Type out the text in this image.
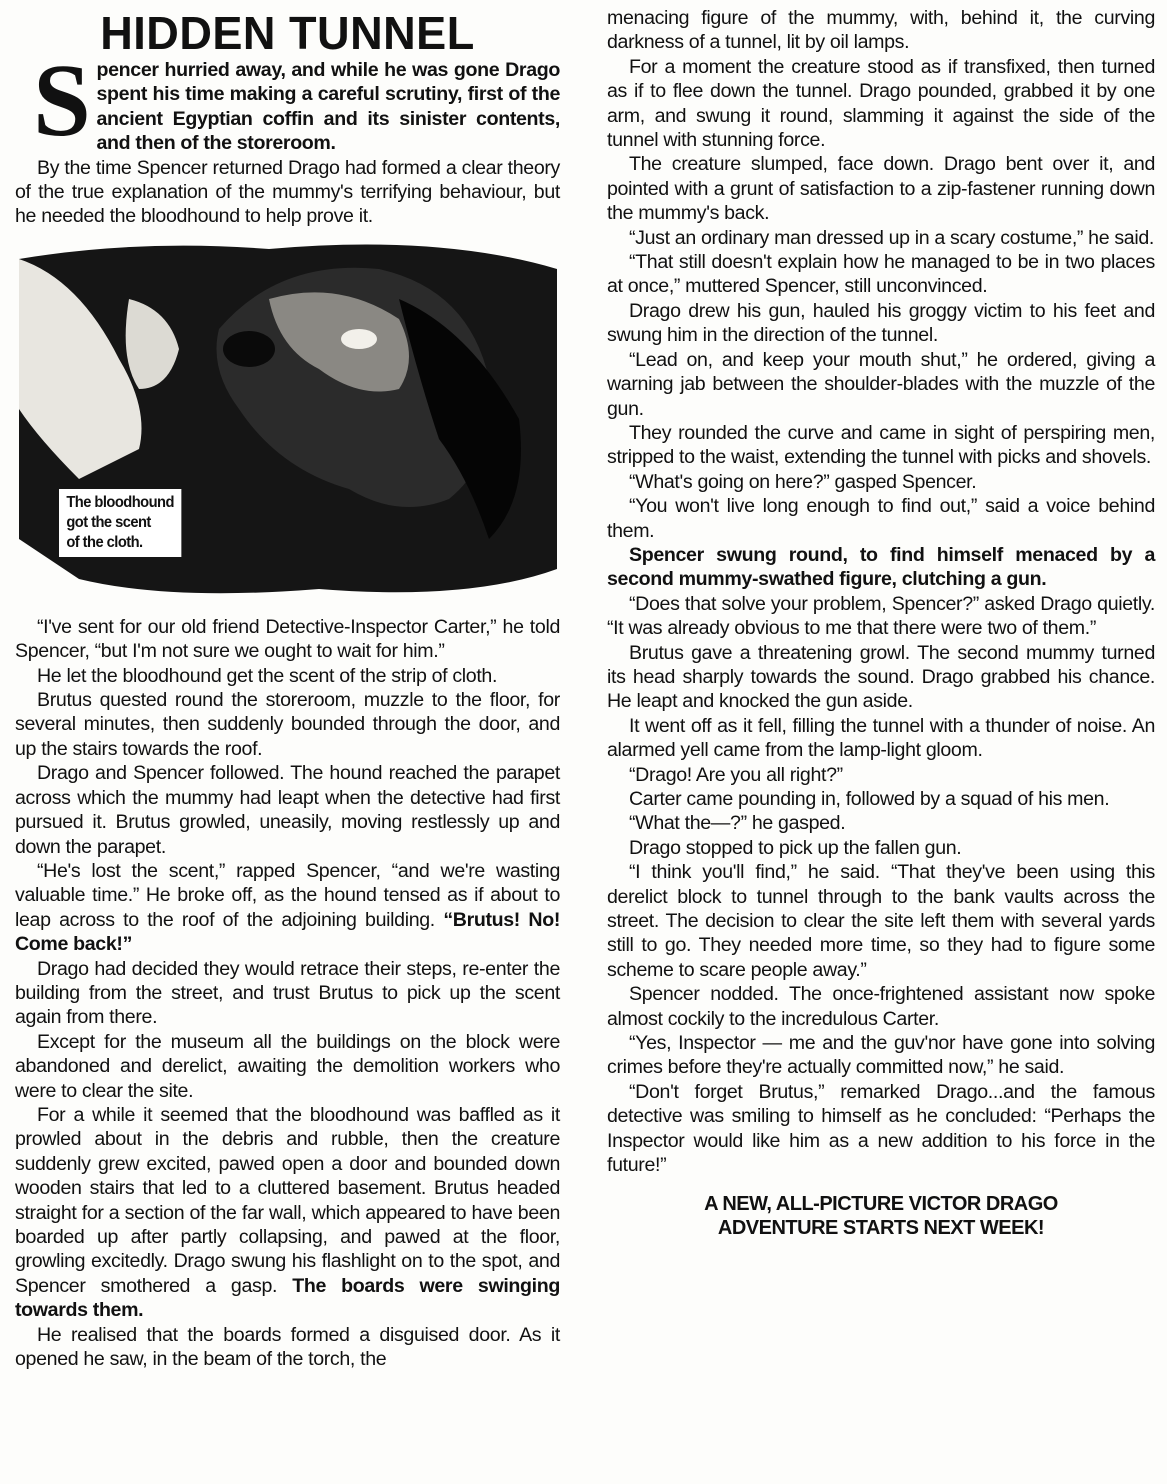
HIDDEN TUNNEL

Spencer hurried away, and while he was gone Drago spent his time making a careful scrutiny, first of the ancient Egyptian coffin and its sinister contents, and then of the storeroom.

By the time Spencer returned Drago had formed a clear theory of the true explanation of the mummy's terrifying behaviour, but he needed the bloodhound to help prove it.

The bloodhound
got the scent
of the cloth.

“I've sent for our old friend Detective-Inspector Carter,” he told Spencer, “but I'm not sure we ought to wait for him.”

He let the bloodhound get the scent of the strip of cloth.

Brutus quested round the storeroom, muzzle to the floor, for several minutes, then suddenly bounded through the door, and up the stairs towards the roof.

Drago and Spencer followed. The hound reached the parapet across which the mummy had leapt when the detective had first pursued it. Brutus growled, uneasily, moving restlessly up and down the parapet.

“He's lost the scent,” rapped Spencer, “and we're wasting valuable time.” He broke off, as the hound tensed as if about to leap across to the roof of the adjoining building. “Brutus! No! Come back!”

Drago had decided they would retrace their steps, re-enter the building from the street, and trust Brutus to pick up the scent again from there.

Except for the museum all the buildings on the block were abandoned and derelict, awaiting the demolition workers who were to clear the site.

For a while it seemed that the bloodhound was baffled as it prowled about in the debris and rubble, then the creature suddenly grew excited, pawed open a door and bounded down wooden stairs that led to a cluttered basement. Brutus headed straight for a section of the far wall, which appeared to have been boarded up after partly collapsing, and pawed at the floor, growling excitedly. Drago swung his flashlight on to the spot, and Spencer smothered a gasp. The boards were swinging towards them.

He realised that the boards formed a disguised door. As it opened he saw, in the beam of the torch, the

menacing figure of the mummy, with, behind it, the curving darkness of a tunnel, lit by oil lamps.

For a moment the creature stood as if transfixed, then turned as if to flee down the tunnel. Drago pounded, grabbed it by one arm, and swung it round, slamming it against the side of the tunnel with stunning force.

The creature slumped, face down. Drago bent over it, and pointed with a grunt of satisfaction to a zip-fastener running down the mummy's back.

“Just an ordinary man dressed up in a scary costume,” he said.

“That still doesn't explain how he managed to be in two places at once,” muttered Spencer, still unconvinced.

Drago drew his gun, hauled his groggy victim to his feet and swung him in the direction of the tunnel.

“Lead on, and keep your mouth shut,” he ordered, giving a warning jab between the shoulder-blades with the muzzle of the gun.

They rounded the curve and came in sight of perspiring men, stripped to the waist, extending the tunnel with picks and shovels.

“What's going on here?” gasped Spencer.

“You won't live long enough to find out,” said a voice behind them.

Spencer swung round, to find himself menaced by a second mummy-swathed figure, clutching a gun.

“Does that solve your problem, Spencer?” asked Drago quietly. “It was already obvious to me that there were two of them.”

Brutus gave a threatening growl. The second mummy turned its head sharply towards the sound. Drago grabbed his chance. He leapt and knocked the gun aside.

It went off as it fell, filling the tunnel with a thunder of noise. An alarmed yell came from the lamp-light gloom.

“Drago! Are you all right?”

Carter came pounding in, followed by a squad of his men.

“What the—?” he gasped.

Drago stopped to pick up the fallen gun.

“I think you'll find,” he said. “That they've been using this derelict block to tunnel through to the bank vaults across the street. The decision to clear the site left them with several yards still to go. They needed more time, so they had to figure some scheme to scare people away.”

Spencer nodded. The once-frightened assistant now spoke almost cockily to the incredulous Carter.

“Yes, Inspector — me and the guv'nor have gone into solving crimes before they're actually committed now,” he said.

“Don't forget Brutus,” remarked Drago...and the famous detective was smiling to himself as he concluded: “Perhaps the Inspector would like him as a new addition to his force in the future!”

A NEW, ALL-PICTURE VICTOR DRAGO
ADVENTURE STARTS NEXT WEEK!
